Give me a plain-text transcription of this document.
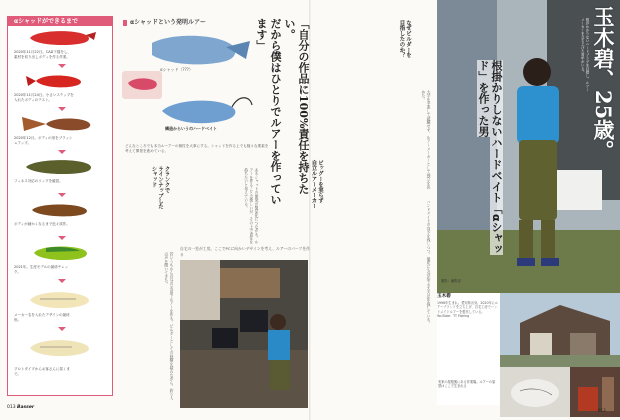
αシャッドができるまで

2020年11月22日。CAD下描をし、素材を切り出しボディを作る作業。

2020年11月24日。小さいステップを入れたボディのテスト。

2020年12月。ボディの形をブラッシュアップ。

フィネス対応のリップを確認。

ボディが細かくなるまで色々試作。

2021年。生産モデルの最終チェック。

メーカー名を入れたデザインの最終形。

プロトタイプからお客さんに届くまで。

αシャッドという発明ルアー
αシャッド（???）
構造からいうのハードベイト

どんなところでも本当ルーアーの個性を大事にする。シャッドを作る上でも様々な要素を考えて開発を進めている。	「自分の作品に100%責任を持ちたい。

だから僕はひとりでルアーを作っています」

クランクで

ラインナップした

シャッド	あるシャッドの開発が製品化につながる。ルアーを作ることは楽しいが、その上で責任を持ちたいと考えている。

若いうちから自分の名前でルアーを作る。ビルダーとしての経験を積みながら、釣り人の声を聞いてきた。

自宅の一室が工房。ここでPCに向かいデザインを考え、ルアーのパーツを作る

ビッグーを実らず

自立ルアーメーカー	大学を卒業して就職せず、ルアーメーカーとして独立を決めた。

ハンドメイドの良さを残しつつ、量産にも対応できる方法を探している。

なぜビルダーを

目指したのか？

013 Basser

根がかかりないハードプラグを目指し、ルアーメーカーを立ち上げた青年がいる。 玉木碧、25歳。
根掛かりしないハードベイト「αシャッド」を作った男
撮影：編集部
玉木碧

1996年生まれ。愛知県出身。2020年にルアーブランドを立ち上げ、自宅工房でハンドメイドルアーを製作している。YouTube：TT Fishing

実家の屋根裏にある作業場。ルアーの原型はここで生まれる
013
